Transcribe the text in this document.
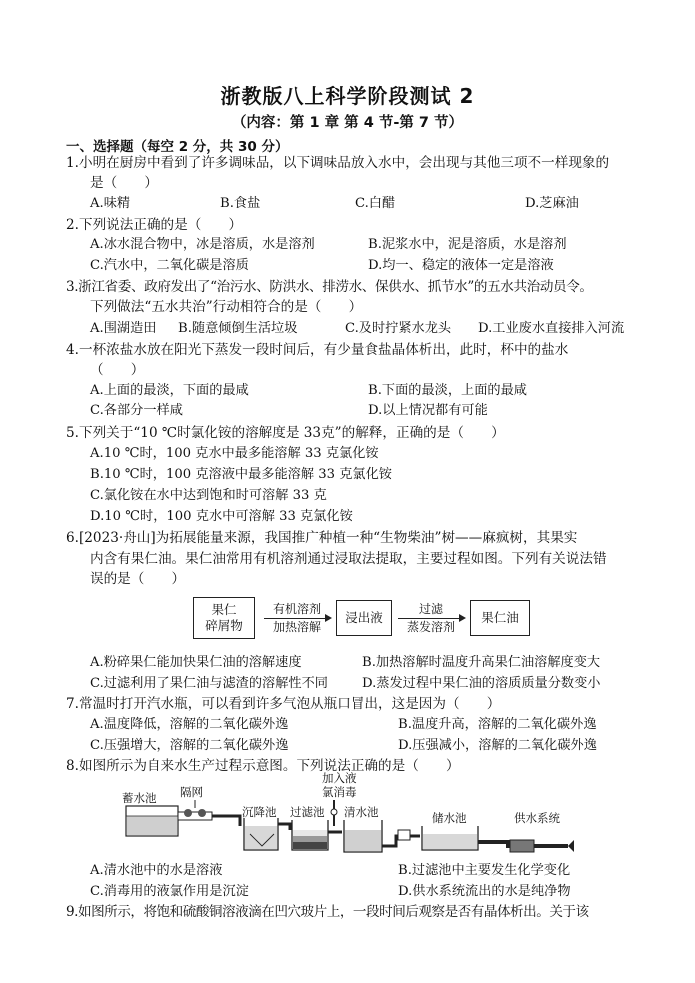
浙教版八上科学阶段测试 2
（内容：第 1 章 第 4 节-第 7 节）
一、选择题（每空 2 分，共 30 分）
1.小明在厨房中看到了许多调味品，以下调味品放入水中，会出现与其他三项不一样现象的
是（　　）
A.味精	B.食盐	C.白醋	D.芝麻油
2.下列说法正确的是（　　）
A.冰水混合物中，冰是溶质，水是溶剂	B.泥浆水中，泥是溶质，水是溶剂
C.汽水中，二氧化碳是溶质	D.均一、稳定的液体一定是溶液
3.浙江省委、政府发出了“治污水、防洪水、排涝水、保供水、抓节水”的五水共治动员令。
下列做法“五水共治”行动相符合的是（　　）
A.围湖造田 B.随意倾倒生活垃圾	C.及时拧紧水龙头 D.工业废水直接排入河流
4.一杯浓盐水放在阳光下蒸发一段时间后，有少量食盐晶体析出，此时，杯中的盐水
（　　）
A.上面的最淡，下面的最咸	B.下面的最淡，上面的最咸
C.各部分一样咸	D.以上情况都有可能
5.下列关于“10 ℃时氯化铵的溶解度是 33克”的解释，正确的是（　　）
A.10 ℃时，100 克水中最多能溶解 33 克氯化铵
B.10 ℃时，100 克溶液中最多能溶解 33 克氯化铵
C.氯化铵在水中达到饱和时可溶解 33 克
D.10 ℃时，100 克水中可溶解 33 克氯化铵
6.[2023·舟山]为拓展能量来源，我国推广种植一种“生物柴油”树——麻疯树，其果实
内含有果仁油。果仁油常用有机溶剂通过浸取法提取，主要过程如图。下列有关说法错
误的是（　　）
果仁
碎屑物
有机溶剂
加热溶解
浸出液
过滤
蒸发溶剂
果仁油
A.粉碎果仁能加快果仁油的溶解速度	B.加热溶解时温度升高果仁油溶解度变大
C.过滤利用了果仁油与滤渣的溶解性不同	D.蒸发过程中果仁油的溶质质量分数变小
7.常温时打开汽水瓶，可以看到许多气泡从瓶口冒出，这是因为（　　）
A.温度降低，溶解的二氧化碳外逸	B.温度升高，溶解的二氧化碳外逸
C.压强增大，溶解的二氧化碳外逸	D.压强减小，溶解的二氧化碳外逸
8.如图所示为自来水生产过程示意图。下列说法正确的是（　　）
蓄水池 隔网
沉降池 过滤池
加入液
氯消毒
清水池	储水池	供水系统
A.清水池中的水是溶液	B.过滤池中主要发生化学变化
C.消毒用的液氯作用是沉淀	D.供水系统流出的水是纯净物
9.如图所示，将饱和硫酸铜溶液滴在凹穴玻片上，一段时间后观察是否有晶体析出。关于该
